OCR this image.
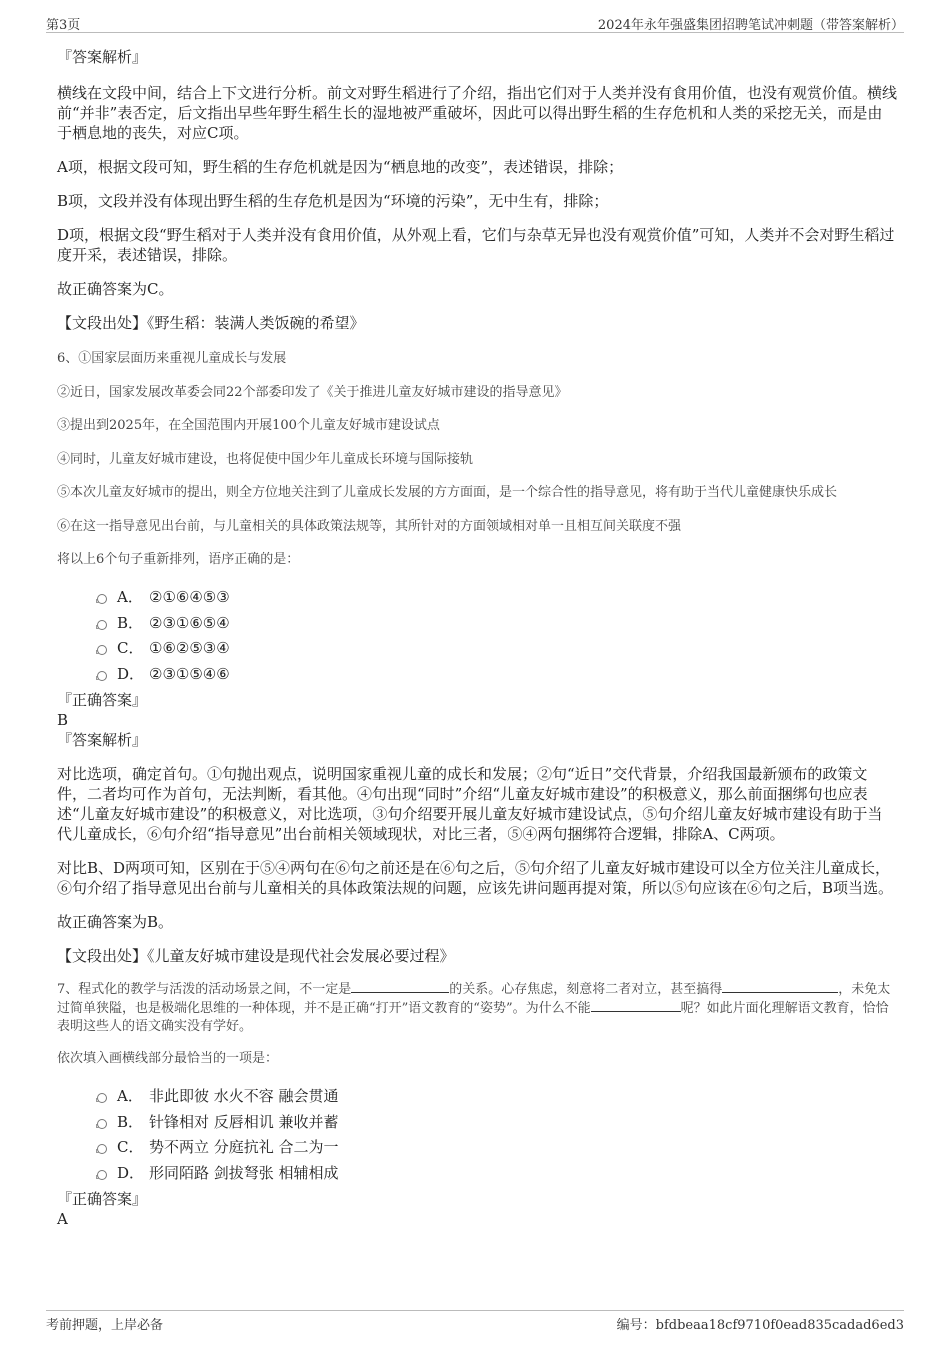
第3页	2024年永年强盛集团招聘笔试冲刺题（带答案解析）

『答案解析』

横线在文段中间，结合上下文进行分析。前文对野生稻进行了介绍，指出它们对于人类并没有食用价值，也没有观赏价值。横线前“并非”表否定，后文指出早些年野生稻生长的湿地被严重破坏，因此可以得出野生稻的生存危机和人类的采挖无关，而是由于栖息地的丧失，对应C项。

A项，根据文段可知，野生稻的生存危机就是因为“栖息地的改变”，表述错误，排除；

B项，文段并没有体现出野生稻的生存危机是因为“环境的污染”，无中生有，排除；

D项，根据文段“野生稻对于人类并没有食用价值，从外观上看，它们与杂草无异也没有观赏价值”可知，人类并不会对野生稻过度开采，表述错误，排除。

故正确答案为C。

【文段出处】《野生稻：装满人类饭碗的希望》

6、①国家层面历来重视儿童成长与发展

②近日，国家发展改革委会同22个部委印发了《关于推进儿童友好城市建设的指导意见》

③提出到2025年，在全国范围内开展100个儿童友好城市建设试点

④同时，儿童友好城市建设，也将促使中国少年儿童成长环境与国际接轨

⑤本次儿童友好城市的提出，则全方位地关注到了儿童成长发展的方方面面，是一个综合性的指导意见，将有助于当代儿童健康快乐成长

⑥在这一指导意见出台前，与儿童相关的具体政策法规等，其所针对的方面领域相对单一且相互间关联度不强

将以上6个句子重新排列，语序正确的是：

A． ②①⑥④⑤③
B． ②③①⑥⑤④
C． ①⑥②⑤③④
D． ②③①⑤④⑥

『正确答案』

B

『答案解析』

对比选项，确定首句。①句抛出观点，说明国家重视儿童的成长和发展；②句“近日”交代背景，介绍我国最新颁布的政策文件，二者均可作为首句，无法判断，看其他。④句出现“同时”介绍“儿童友好城市建设”的积极意义，那么前面捆绑句也应表述“儿童友好城市建设”的积极意义，对比选项，③句介绍要开展儿童友好城市建设试点，⑤句介绍儿童友好城市建设有助于当代儿童成长，⑥句介绍“指导意见”出台前相关领域现状，对比三者，⑤④两句捆绑符合逻辑，排除A、C两项。

对比B、D两项可知，区别在于⑤④两句在⑥句之前还是在⑥句之后，⑤句介绍了儿童友好城市建设可以全方位关注儿童成长，⑥句介绍了指导意见出台前与儿童相关的具体政策法规的问题，应该先讲问题再提对策，所以⑤句应该在⑥句之后，B项当选。

故正确答案为B。

【文段出处】《儿童友好城市建设是现代社会发展必要过程》

7、程式化的教学与活泼的活动场景之间，不一定是	的关系。心存焦虑，刻意将二者对立，甚至搞得	，未免太过简单狭隘，也是极端化思维的一种体现，并不是正确“打开”语文教育的“姿势”。为什么不能	呢？如此片面化理解语文教育，恰恰表明这些人的语文确实没有学好。

依次填入画横线部分最恰当的一项是：

A． 非此即彼 水火不容 融会贯通
B． 针锋相对 反唇相讥 兼收并蓄
C． 势不两立 分庭抗礼 合二为一
D． 形同陌路 剑拔弩张 相辅相成

『正确答案』

A

考前押题，上岸必备	编号：bfdbeaa18cf9710f0ead835cadad6ed3
